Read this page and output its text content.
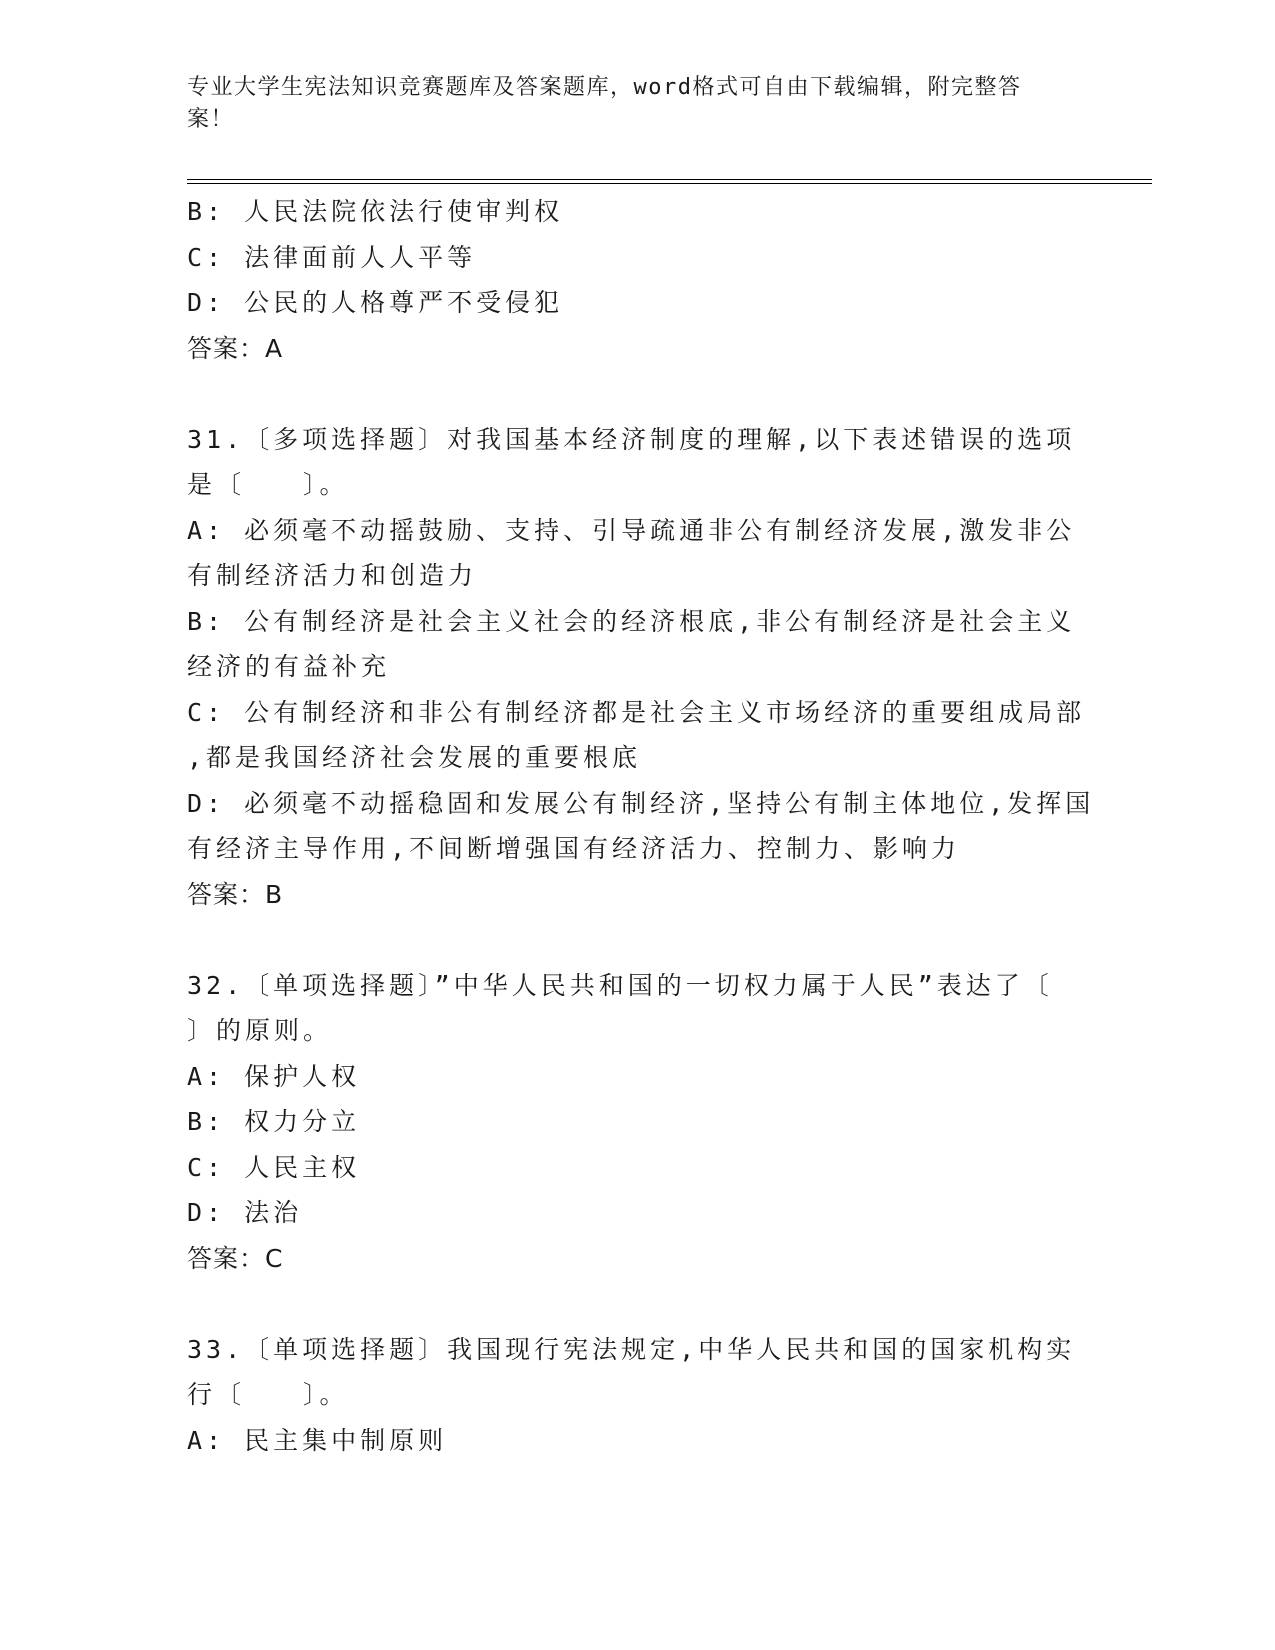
专业大学生宪法知识竞赛题库及答案题库，word格式可自由下载编辑，附完整答
案！
B: 人民法院依法行使审判权
C: 法律面前人人平等
D: 公民的人格尊严不受侵犯
答案：A
31.〔多项选择题〕对我国基本经济制度的理解,以下表述错误的选项
是〔　　〕。
A: 必须毫不动摇鼓励、支持、引导疏通非公有制经济发展,激发非公
有制经济活力和创造力
B: 公有制经济是社会主义社会的经济根底,非公有制经济是社会主义
经济的有益补充
C: 公有制经济和非公有制经济都是社会主义市场经济的重要组成局部
,都是我国经济社会发展的重要根底
D: 必须毫不动摇稳固和发展公有制经济,坚持公有制主体地位,发挥国
有经济主导作用,不间断增强国有经济活力、控制力、影响力
答案：B
32.〔单项选择题〕”中华人民共和国的一切权力属于人民”表达了〔
〕的原则。
A: 保护人权
B: 权力分立
C: 人民主权
D: 法治
答案：C
33.〔单项选择题〕我国现行宪法规定,中华人民共和国的国家机构实
行〔　　〕。
A: 民主集中制原则
